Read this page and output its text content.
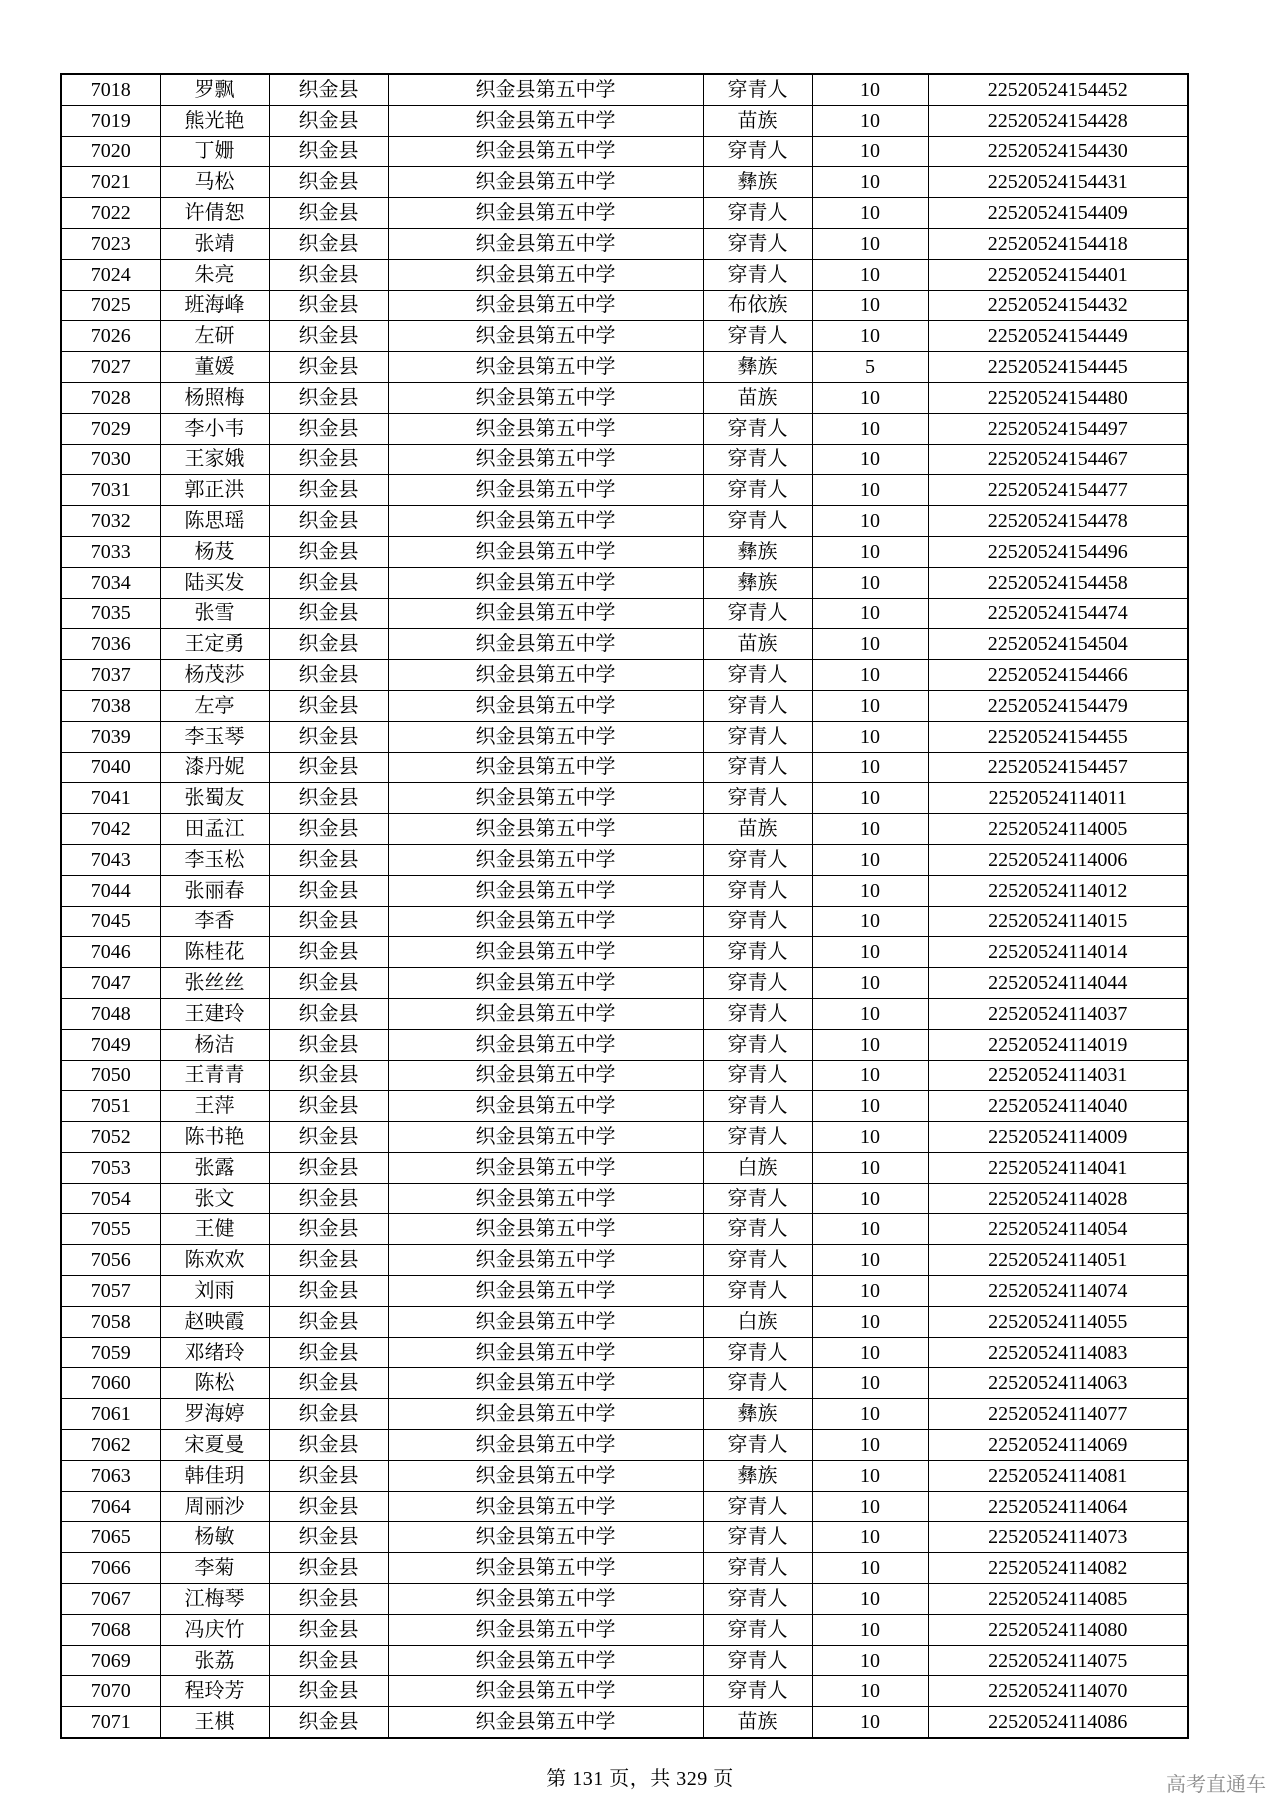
7018	罗飘	织金县	织金县第五中学	穿青人	10	22520524154452
7019	熊光艳	织金县	织金县第五中学	苗族	10	22520524154428
7020	丁姗	织金县	织金县第五中学	穿青人	10	22520524154430
7021	马松	织金县	织金县第五中学	彝族	10	22520524154431
7022	许倩恕	织金县	织金县第五中学	穿青人	10	22520524154409
7023	张靖	织金县	织金县第五中学	穿青人	10	22520524154418
7024	朱亮	织金县	织金县第五中学	穿青人	10	22520524154401
7025	班海峰	织金县	织金县第五中学	布依族	10	22520524154432
7026	左研	织金县	织金县第五中学	穿青人	10	22520524154449
7027	董媛	织金县	织金县第五中学	彝族	5	22520524154445
7028	杨照梅	织金县	织金县第五中学	苗族	10	22520524154480
7029	李小韦	织金县	织金县第五中学	穿青人	10	22520524154497
7030	王家娥	织金县	织金县第五中学	穿青人	10	22520524154467
7031	郭正洪	织金县	织金县第五中学	穿青人	10	22520524154477
7032	陈思瑶	织金县	织金县第五中学	穿青人	10	22520524154478
7033	杨芨	织金县	织金县第五中学	彝族	10	22520524154496
7034	陆买发	织金县	织金县第五中学	彝族	10	22520524154458
7035	张雪	织金县	织金县第五中学	穿青人	10	22520524154474
7036	王定勇	织金县	织金县第五中学	苗族	10	22520524154504
7037	杨茂莎	织金县	织金县第五中学	穿青人	10	22520524154466
7038	左亭	织金县	织金县第五中学	穿青人	10	22520524154479
7039	李玉琴	织金县	织金县第五中学	穿青人	10	22520524154455
7040	漆丹妮	织金县	织金县第五中学	穿青人	10	22520524154457
7041	张蜀友	织金县	织金县第五中学	穿青人	10	22520524114011
7042	田孟江	织金县	织金县第五中学	苗族	10	22520524114005
7043	李玉松	织金县	织金县第五中学	穿青人	10	22520524114006
7044	张丽春	织金县	织金县第五中学	穿青人	10	22520524114012
7045	李香	织金县	织金县第五中学	穿青人	10	22520524114015
7046	陈桂花	织金县	织金县第五中学	穿青人	10	22520524114014
7047	张丝丝	织金县	织金县第五中学	穿青人	10	22520524114044
7048	王建玲	织金县	织金县第五中学	穿青人	10	22520524114037
7049	杨洁	织金县	织金县第五中学	穿青人	10	22520524114019
7050	王青青	织金县	织金县第五中学	穿青人	10	22520524114031
7051	王萍	织金县	织金县第五中学	穿青人	10	22520524114040
7052	陈书艳	织金县	织金县第五中学	穿青人	10	22520524114009
7053	张露	织金县	织金县第五中学	白族	10	22520524114041
7054	张文	织金县	织金县第五中学	穿青人	10	22520524114028
7055	王健	织金县	织金县第五中学	穿青人	10	22520524114054
7056	陈欢欢	织金县	织金县第五中学	穿青人	10	22520524114051
7057	刘雨	织金县	织金县第五中学	穿青人	10	22520524114074
7058	赵映霞	织金县	织金县第五中学	白族	10	22520524114055
7059	邓绪玲	织金县	织金县第五中学	穿青人	10	22520524114083
7060	陈松	织金县	织金县第五中学	穿青人	10	22520524114063
7061	罗海婷	织金县	织金县第五中学	彝族	10	22520524114077
7062	宋夏曼	织金县	织金县第五中学	穿青人	10	22520524114069
7063	韩佳玥	织金县	织金县第五中学	彝族	10	22520524114081
7064	周丽沙	织金县	织金县第五中学	穿青人	10	22520524114064
7065	杨敏	织金县	织金县第五中学	穿青人	10	22520524114073
7066	李菊	织金县	织金县第五中学	穿青人	10	22520524114082
7067	江梅琴	织金县	织金县第五中学	穿青人	10	22520524114085
7068	冯庆竹	织金县	织金县第五中学	穿青人	10	22520524114080
7069	张荔	织金县	织金县第五中学	穿青人	10	22520524114075
7070	程玲芳	织金县	织金县第五中学	穿青人	10	22520524114070
7071	王棋	织金县	织金县第五中学	苗族	10	22520524114086
第 131 页，共 329 页	高考直通车
